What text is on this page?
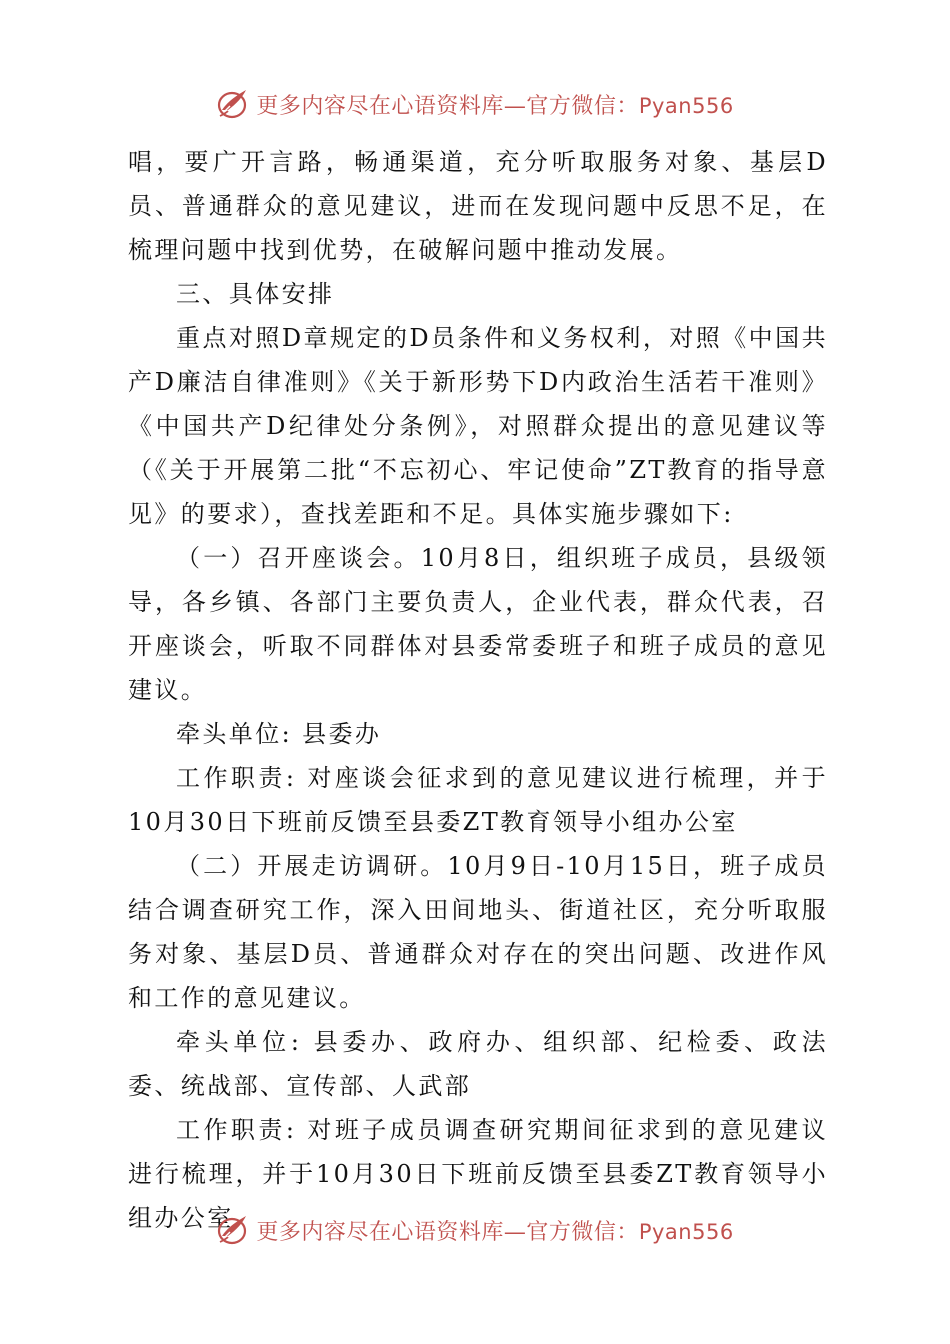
更多内容尽在心语资料库—官方微信：Pyan556

唱，要广开言路，畅通渠道，充分听取服务对象、基层D员、普通群众的意见建议，进而在发现问题中反思不足，在梳理问题中找到优势，在破解问题中推动发展。

三、具体安排

重点对照D章规定的D员条件和义务权利，对照《中国共产D廉洁自律准则》《关于新形势下D内政治生活若干准则》《中国共产D纪律处分条例》，对照群众提出的意见建议等（《关于开展第二批“不忘初心、牢记使命”ZT教育的指导意见》的要求），查找差距和不足。具体实施步骤如下:

（一）召开座谈会。10月8日，组织班子成员，县级领导，各乡镇、各部门主要负责人，企业代表，群众代表，召开座谈会，听取不同群体对县委常委班子和班子成员的意见建议。

牵头单位: 县委办

工作职责: 对座谈会征求到的意见建议进行梳理，并于10月30日下班前反馈至县委ZT教育领导小组办公室

（二）开展走访调研。10月9日-10月15日，班子成员结合调查研究工作，深入田间地头、街道社区，充分听取服务对象、基层D员、普通群众对存在的突出问题、改进作风和工作的意见建议。

牵头单位: 县委办、政府办、组织部、纪检委、政法委、统战部、宣传部、人武部

工作职责: 对班子成员调查研究期间征求到的意见建议进行梳理，并于10月30日下班前反馈至县委ZT教育领导小组办公室	更多内容尽在心语资料库—官方微信：Pyan556
